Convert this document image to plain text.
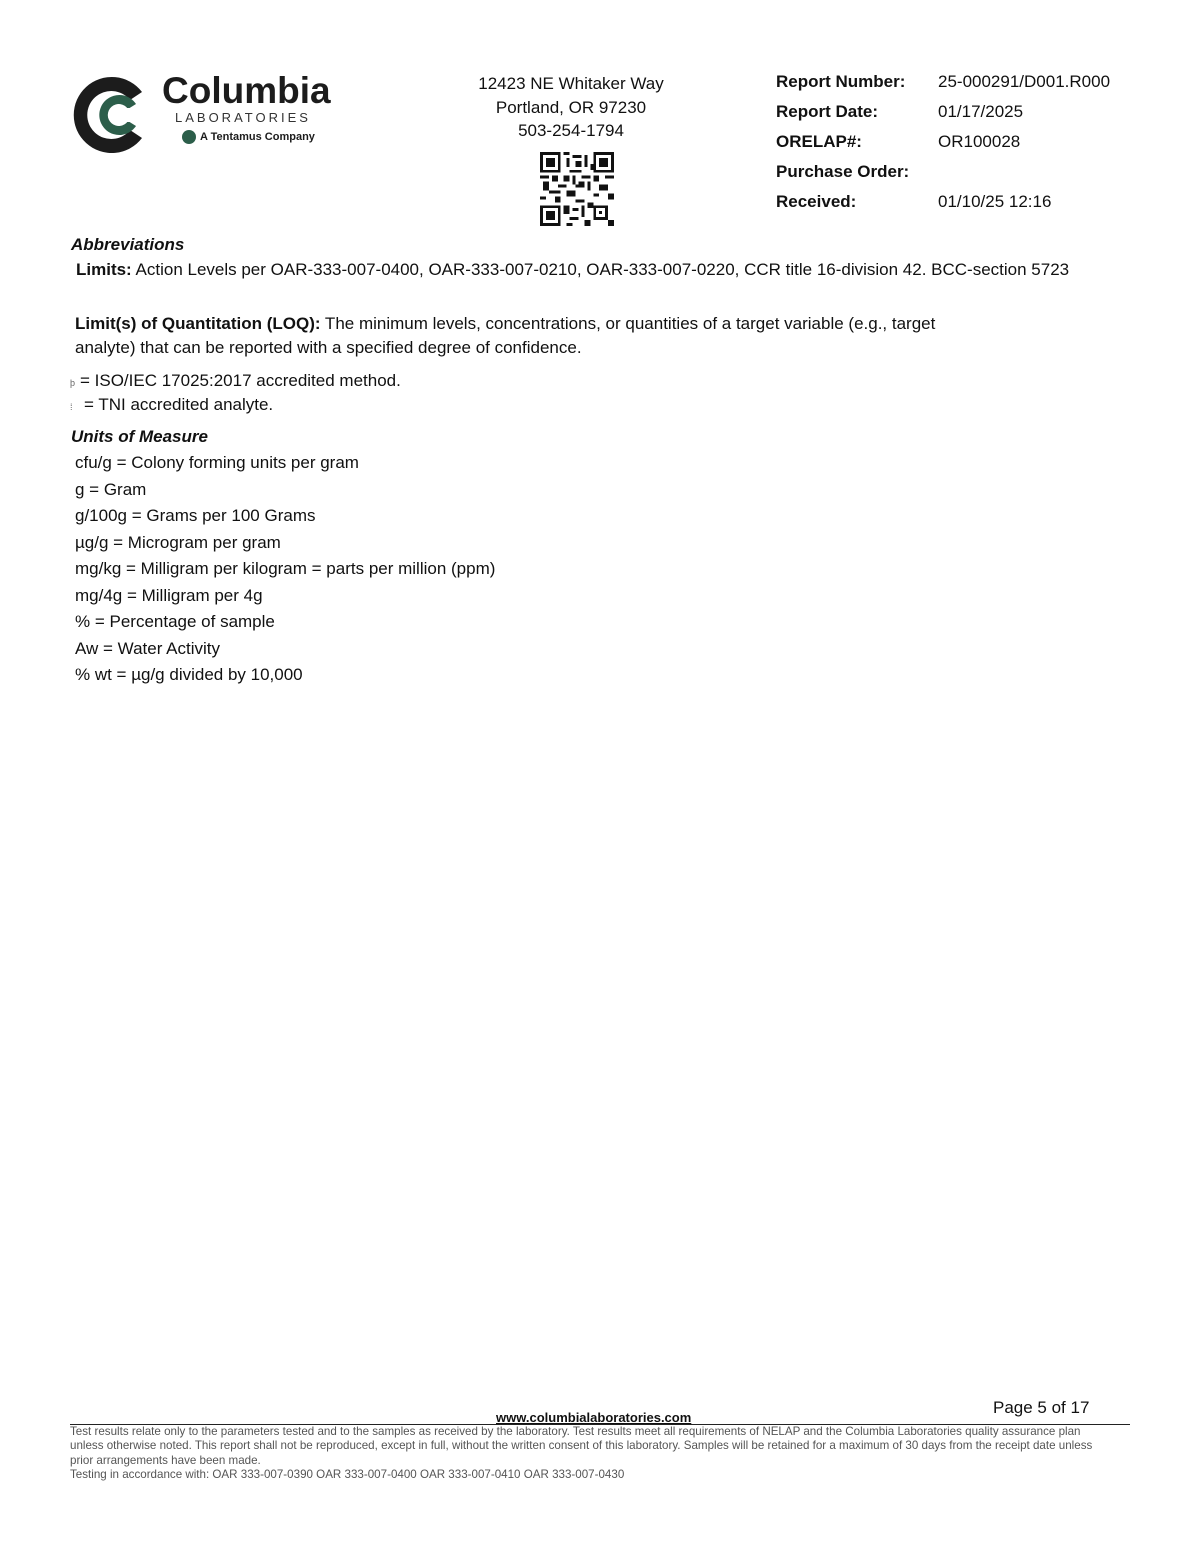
Columbia
LABORATORIES
A Tentamus Company
12423 NE Whitaker Way
Portland, OR 97230
503-254-1794
Report Number: 25-000291/D001.R000
Report Date:	01/17/2025
ORELAP#:	OR100028
Purchase Order:
Received:	01/10/25 12:16
Abbreviations
Limits: Action Levels per OAR-333-007-0400, OAR-333-007-0210, OAR-333-007-0220, CCR title 16-division 42. BCC-section 5723
Limit(s) of Quantitation (LOQ): The minimum levels, concentrations, or quantities of a target variable (e.g., target
analyte) that can be reported with a specified degree of confidence.
þ = ISO/IEC 17025:2017 accredited method.
⁞ = TNI accredited analyte.
Units of Measure
cfu/g = Colony forming units per gram
g = Gram
g/100g = Grams per 100 Grams
µg/g = Microgram per gram
mg/kg = Milligram per kilogram = parts per million (ppm)
mg/4g = Milligram per 4g
% = Percentage of sample
Aw = Water Activity
% wt = µg/g divided by 10,000
Page 5 of 17
www.columbialaboratories.com
Test results relate only to the parameters tested and to the samples as received by the laboratory. Test results meet all requirements of NELAP and the Columbia Laboratories quality assurance plan
unless otherwise noted. This report shall not be reproduced, except in full, without the written consent of this laboratory. Samples will be retained for a maximum of 30 days from the receipt date unless
prior arrangements have been made.
Testing in accordance with: OAR 333-007-0390 OAR 333-007-0400 OAR 333-007-0410 OAR 333-007-0430
